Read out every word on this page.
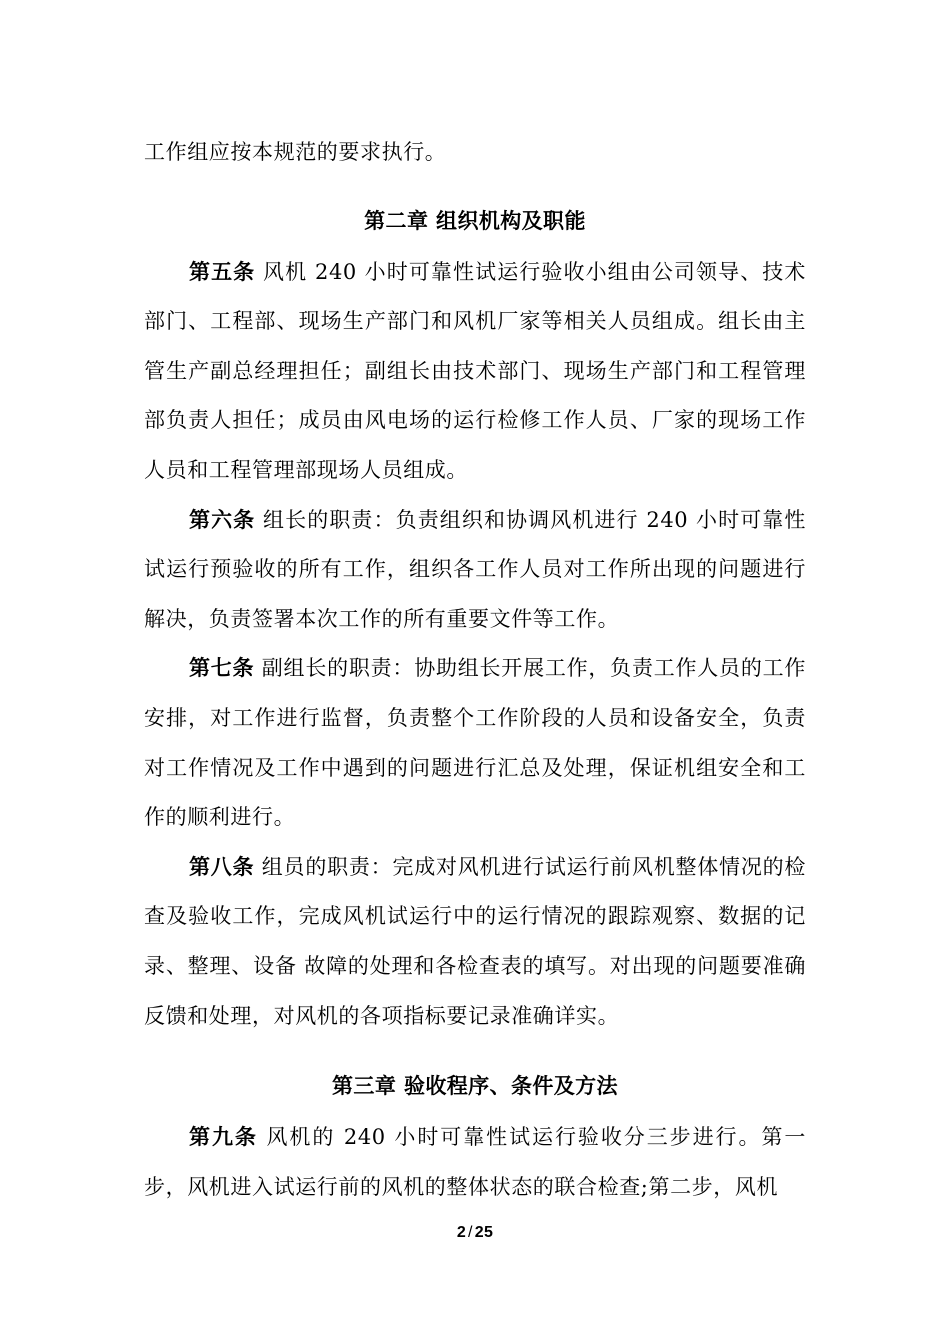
工作组应按本规范的要求执行。

第二章 组织机构及职能

第五条 风机 240 小时可靠性试运行验收小组由公司领导、技术部门、工程部、现场生产部门和风机厂家等相关人员组成。组长由主管生产副总经理担任；副组长由技术部门、现场生产部门和工程管理部负责人担任；成员由风电场的运行检修工作人员、厂家的现场工作人员和工程管理部现场人员组成。

第六条 组长的职责：负责组织和协调风机进行 240 小时可靠性试运行预验收的所有工作，组织各工作人员对工作所出现的问题进行解决，负责签署本次工作的所有重要文件等工作。

第七条 副组长的职责：协助组长开展工作，负责工作人员的工作安排，对工作进行监督，负责整个工作阶段的人员和设备安全，负责对工作情况及工作中遇到的问题进行汇总及处理，保证机组安全和工作的顺利进行。

第八条 组员的职责：完成对风机进行试运行前风机整体情况的检查及验收工作，完成风机试运行中的运行情况的跟踪观察、数据的记录、整理、设备 故障的处理和各检查表的填写。对出现的问题要准确反馈和处理，对风机的各项指标要记录准确详实。

第三章 验收程序、条件及方法

第九条 风机的 240 小时可靠性试运行验收分三步进行。第一步，风机进入试运行前的风机的整体状态的联合检查;第二步，风机

2 / 25
